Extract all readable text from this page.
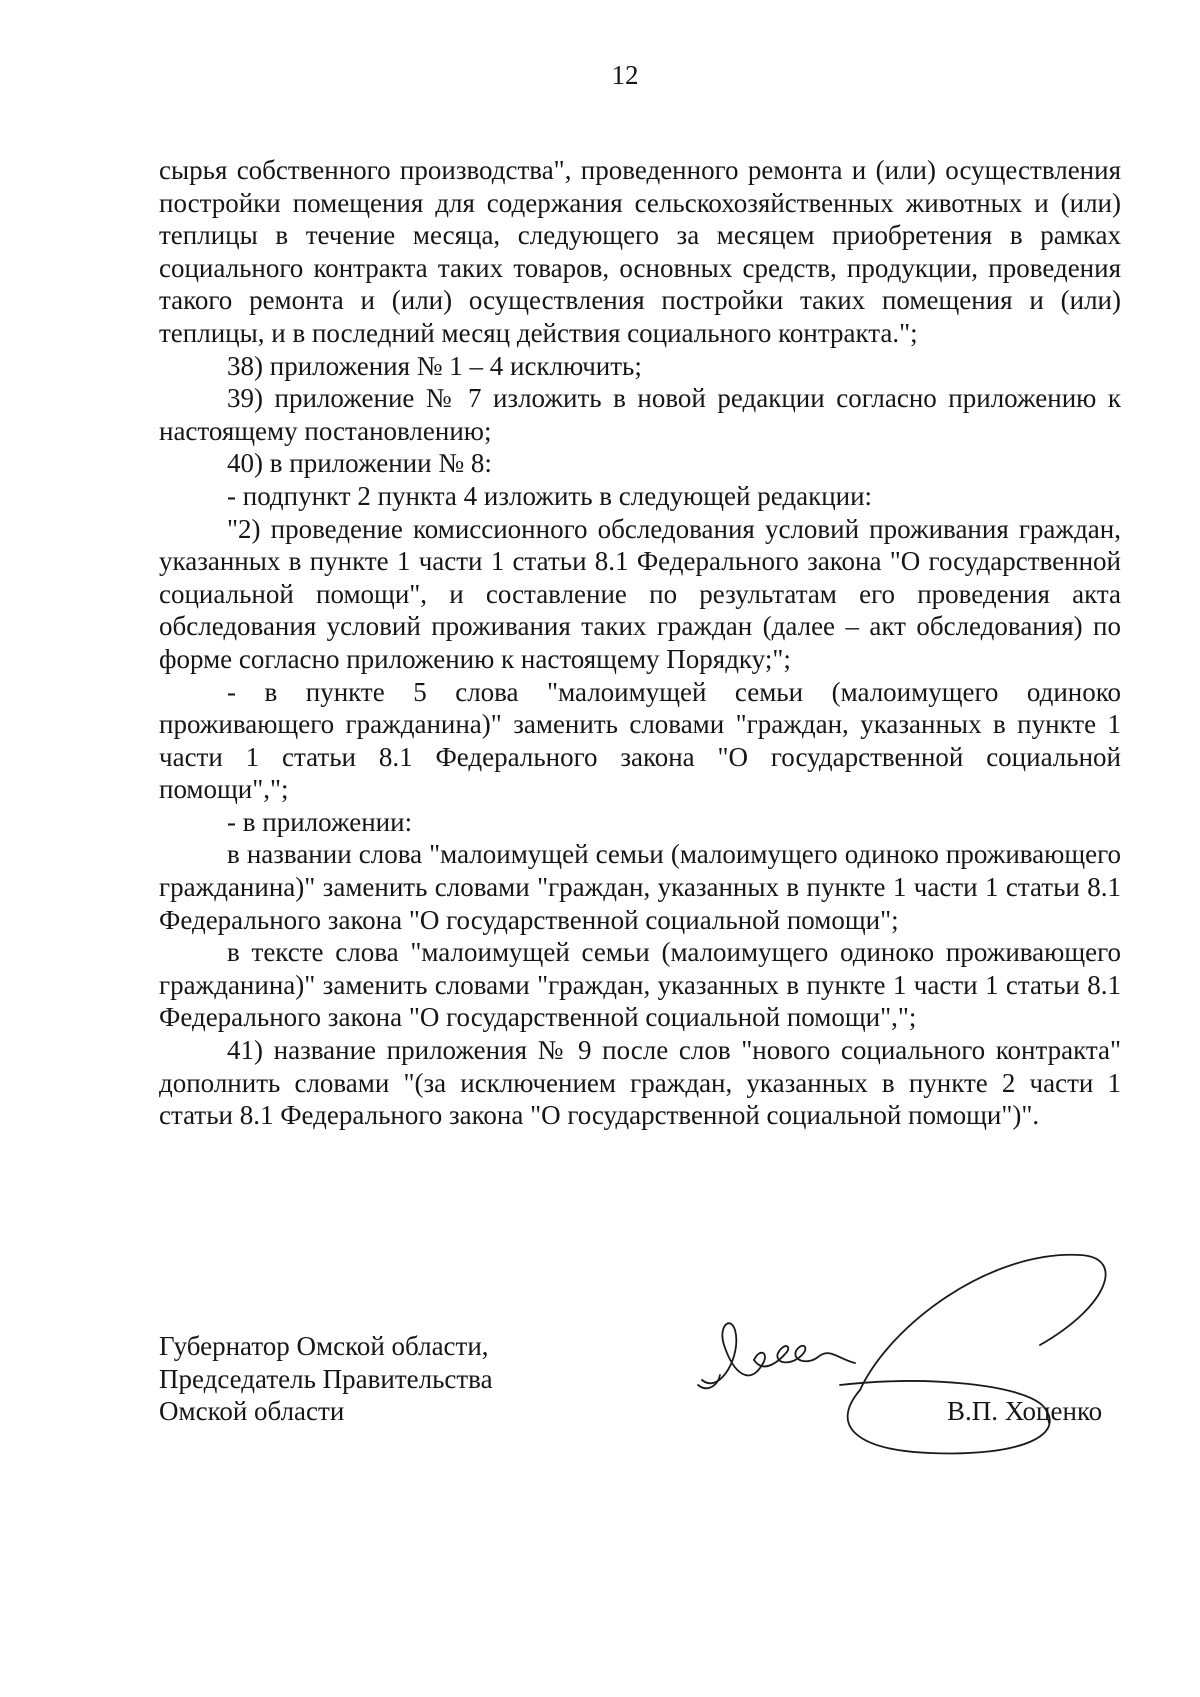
12

сырья собственного производства", проведенного ремонта и (или) осуществления постройки помещения для содержания сельскохозяйственных животных и (или) теплицы в течение месяца, следующего за месяцем приобретения в рамках социального контракта таких товаров, основных средств, продукции, проведения такого ремонта и (или) осуществления постройки таких помещения и (или) теплицы, и в последний месяц действия социального контракта.";

38) приложения № 1 – 4 исключить;

39) приложение № 7 изложить в новой редакции согласно приложению к настоящему постановлению;

40) в приложении № 8:

- подпункт 2 пункта 4 изложить в следующей редакции:

"2) проведение комиссионного обследования условий проживания граждан, указанных в пункте 1 части 1 статьи 8.1 Федерального закона "О государственной социальной помощи", и составление по результатам его проведения акта обследования условий проживания таких граждан (далее – акт обследования) по форме согласно приложению к настоящему Порядку;";

- в пункте 5 слова "малоимущей семьи (малоимущего одиноко проживающего гражданина)" заменить словами "граждан, указанных в пункте 1 части 1 статьи 8.1 Федерального закона "О государственной социальной помощи",";

- в приложении:

в названии слова "малоимущей семьи (малоимущего одиноко проживающего гражданина)" заменить словами "граждан, указанных в пункте 1 части 1 статьи 8.1 Федерального закона "О государственной социальной помощи";

в тексте слова "малоимущей семьи (малоимущего одиноко проживающего гражданина)" заменить словами "граждан, указанных в пункте 1 части 1 статьи 8.1 Федерального закона "О государственной социальной помощи",";

41) название приложения № 9 после слов "нового социального контракта" дополнить словами "(за исключением граждан, указанных в пункте 2 части 1 статьи 8.1 Федерального закона "О государственной социальной помощи")".

Губернатор Омской области,
Председатель Правительства
Омской области	В.П. Хоценко
